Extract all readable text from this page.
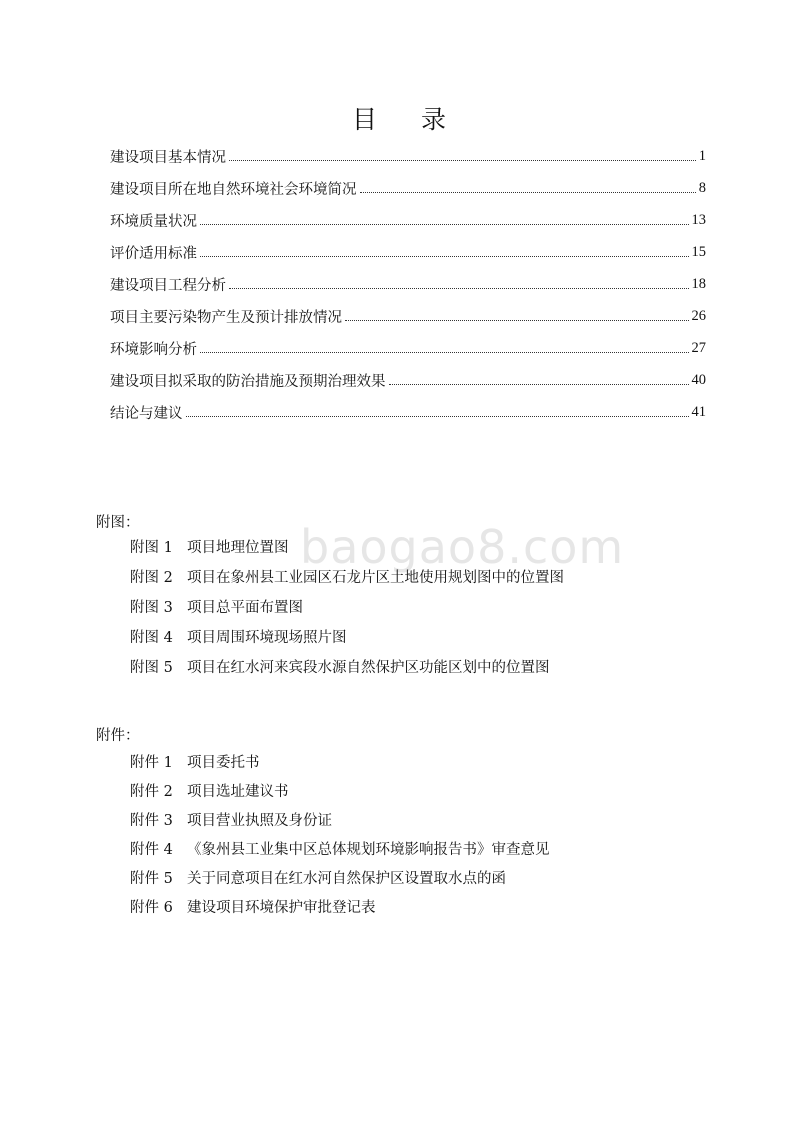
baogao8.com
目 录
建设项目基本情况	1
建设项目所在地自然环境社会环境简况	8
环境质量状况	13
评价适用标准	15
建设项目工程分析	18
项目主要污染物产生及预计排放情况	26
环境影响分析	27
建设项目拟采取的防治措施及预期治理效果	40
结论与建议	41
附图：
附图 1 项目地理位置图
附图 2 项目在象州县工业园区石龙片区土地使用规划图中的位置图
附图 3 项目总平面布置图
附图 4 项目周围环境现场照片图
附图 5 项目在红水河来宾段水源自然保护区功能区划中的位置图
附件：
附件 1 项目委托书
附件 2 项目选址建议书
附件 3 项目营业执照及身份证
附件 4 《象州县工业集中区总体规划环境影响报告书》审查意见
附件 5 关于同意项目在红水河自然保护区设置取水点的函
附件 6 建设项目环境保护审批登记表
